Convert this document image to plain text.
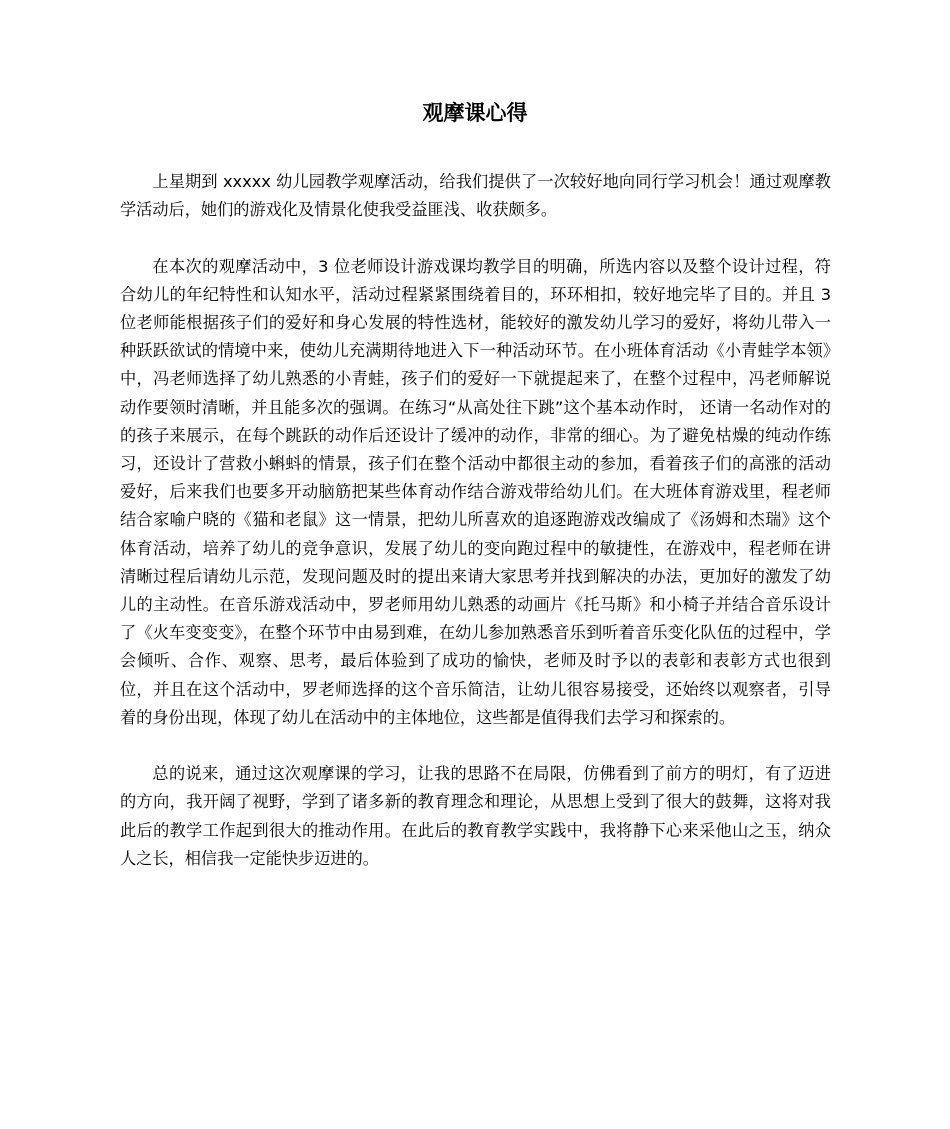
观摩课心得

上星期到 xxxxx 幼儿园教学观摩活动，给我们提供了一次较好地向同行学习机会！通过观摩教学活动后，她们的游戏化及情景化使我受益匪浅、收获颇多。

在本次的观摩活动中，3 位老师设计游戏课均教学目的明确，所选内容以及整个设计过程，符合幼儿的年纪特性和认知水平，活动过程紧紧围绕着目的，环环相扣，较好地完毕了目的。并且 3 位老师能根据孩子们的爱好和身心发展的特性选材，能较好的激发幼儿学习的爱好，将幼儿带入一种跃跃欲试的情境中来，使幼儿充满期待地进入下一种活动环节。在小班体育活动《小青蛙学本领》中，冯老师选择了幼儿熟悉的小青蛙，孩子们的爱好一下就提起来了，在整个过程中，冯老师解说动作要领时清晰，并且能多次的强调。在练习“从高处往下跳”这个基本动作时， 还请一名动作对的的孩子来展示，在每个跳跃的动作后还设计了缓冲的动作，非常的细心。为了避免枯燥的纯动作练习，还设计了营救小蝌蚪的情景，孩子们在整个活动中都很主动的参加，看着孩子们的高涨的活动爱好，后来我们也要多开动脑筋把某些体育动作结合游戏带给幼儿们。在大班体育游戏里，程老师结合家喻户晓的《猫和老鼠》这一情景，把幼儿所喜欢的追逐跑游戏改编成了《汤姆和杰瑞》这个体育活动，培养了幼儿的竞争意识，发展了幼儿的变向跑过程中的敏捷性，在游戏中，程老师在讲清晰过程后请幼儿示范，发现问题及时的提出来请大家思考并找到解决的办法，更加好的激发了幼儿的主动性。在音乐游戏活动中，罗老师用幼儿熟悉的动画片《托马斯》和小椅子并结合音乐设计了《火车变变变》，在整个环节中由易到难，在幼儿参加熟悉音乐到听着音乐变化队伍的过程中，学会倾听、合作、观察、思考，最后体验到了成功的愉快，老师及时予以的表彰和表彰方式也很到位，并且在这个活动中，罗老师选择的这个音乐简洁，让幼儿很容易接受，还始终以观察者，引导着的身份出现，体现了幼儿在活动中的主体地位，这些都是值得我们去学习和探索的。

总的说来，通过这次观摩课的学习，让我的思路不在局限，仿佛看到了前方的明灯，有了迈进的方向，我开阔了视野，学到了诸多新的教育理念和理论，从思想上受到了很大的鼓舞，这将对我此后的教学工作起到很大的推动作用。在此后的教育教学实践中，我将静下心来采他山之玉，纳众人之长，相信我一定能快步迈进的。
